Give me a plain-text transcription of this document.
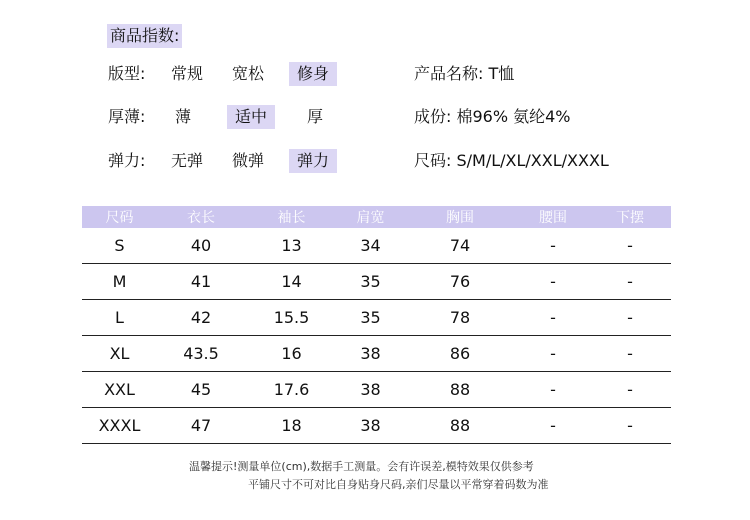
商品指数:
版型: 常规 宽松	修身
厚薄: 薄	适中	厚
弹力: 无弹 微弹	弹力
产品名称: T恤
成份: 棉96% 氨纶4%
尺码: S/M/L/XL/XXL/XXXL
尺码	衣长	袖长	肩宽	胸围	腰围	下摆
S	40	13	34	74	-	-
M	41	14	35	76	-	-
L	42	15.5	35	78	-	-
XL	43.5	16	38	86	-	-
XXL	45	17.6	38	88	-	-
XXXL	47	18	38	88	-	-
温馨提示!测量单位(cm),数据手工测量。会有许误差,模特效果仅供参考
平铺尺寸不可对比自身贴身尺码,亲们尽量以平常穿着码数为准
